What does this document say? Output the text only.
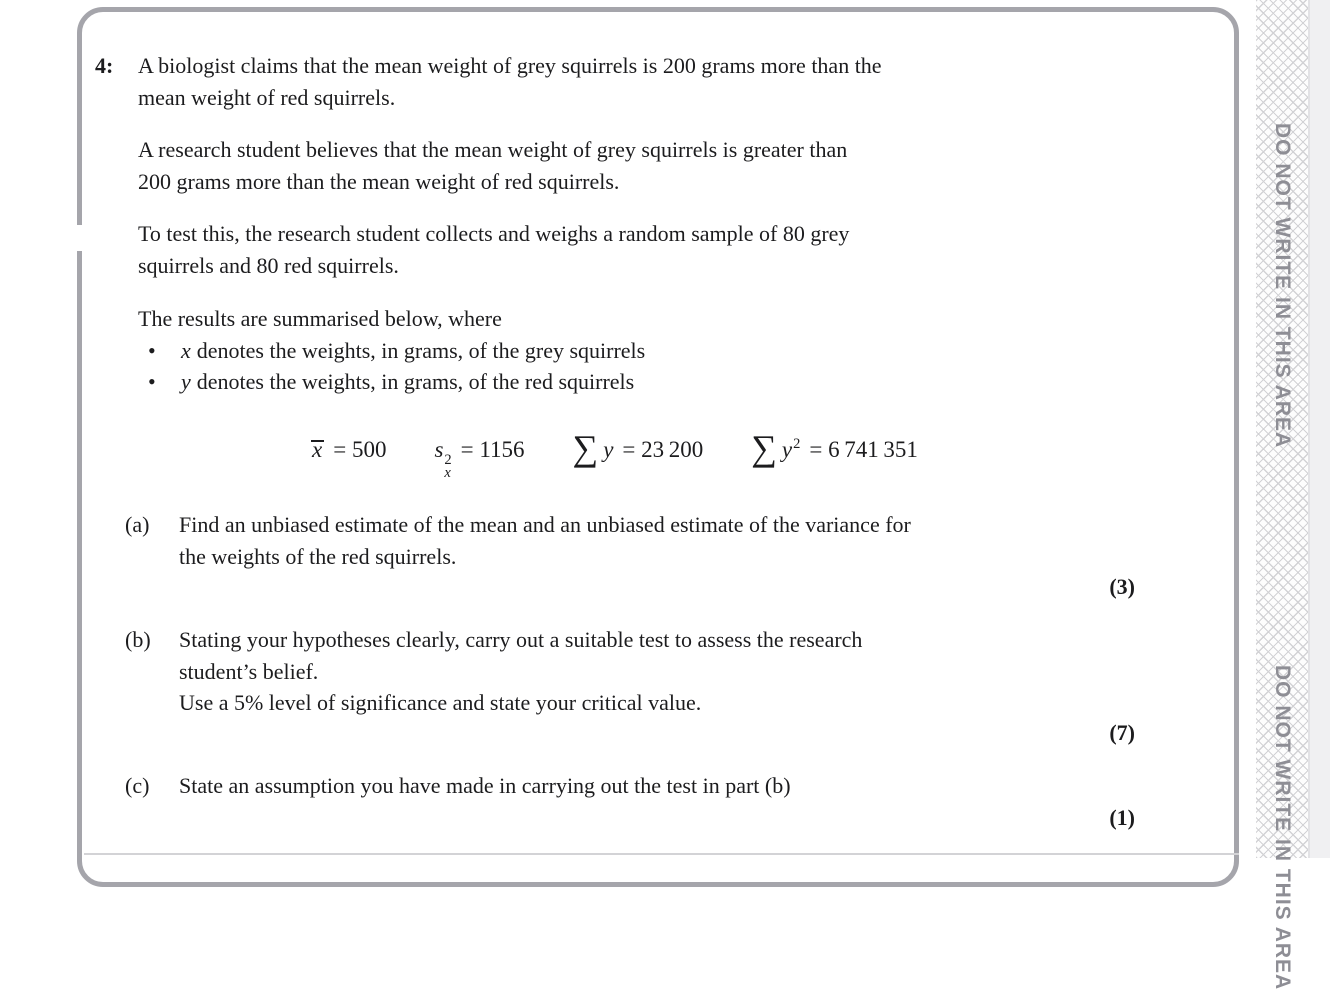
4:	A biologist claims that the mean weight of grey squirrels is 200 grams more than the
mean weight of red squirrels.
A research student believes that the mean weight of grey squirrels is greater than
200 grams more than the mean weight of red squirrels.
To test this, the research student collects and weighs a random sample of 80 grey
squirrels and 80 red squirrels.
The results are summarised below, where
•	x denotes the weights, in grams, of the grey squirrels
•	y denotes the weights, in grams, of the red squirrels
x = 500 s 2
x
= 1156 ∑ y = 23 200 ∑ $y^2 = 6$ 741 351
(a)	Find an unbiased estimate of the mean and an unbiased estimate of the variance for
the weights of the red squirrels.
(3)
(b)	Stating your hypotheses clearly, carry out a suitable test to assess the research
student’s belief.
Use a 5% level of significance and state your critical value.
(7)
(c)	State an assumption you have made in carrying out the test in part (b)
(1)
DO NOT WRITE IN THIS AREA
DO NOT WRITE IN THIS AREA
